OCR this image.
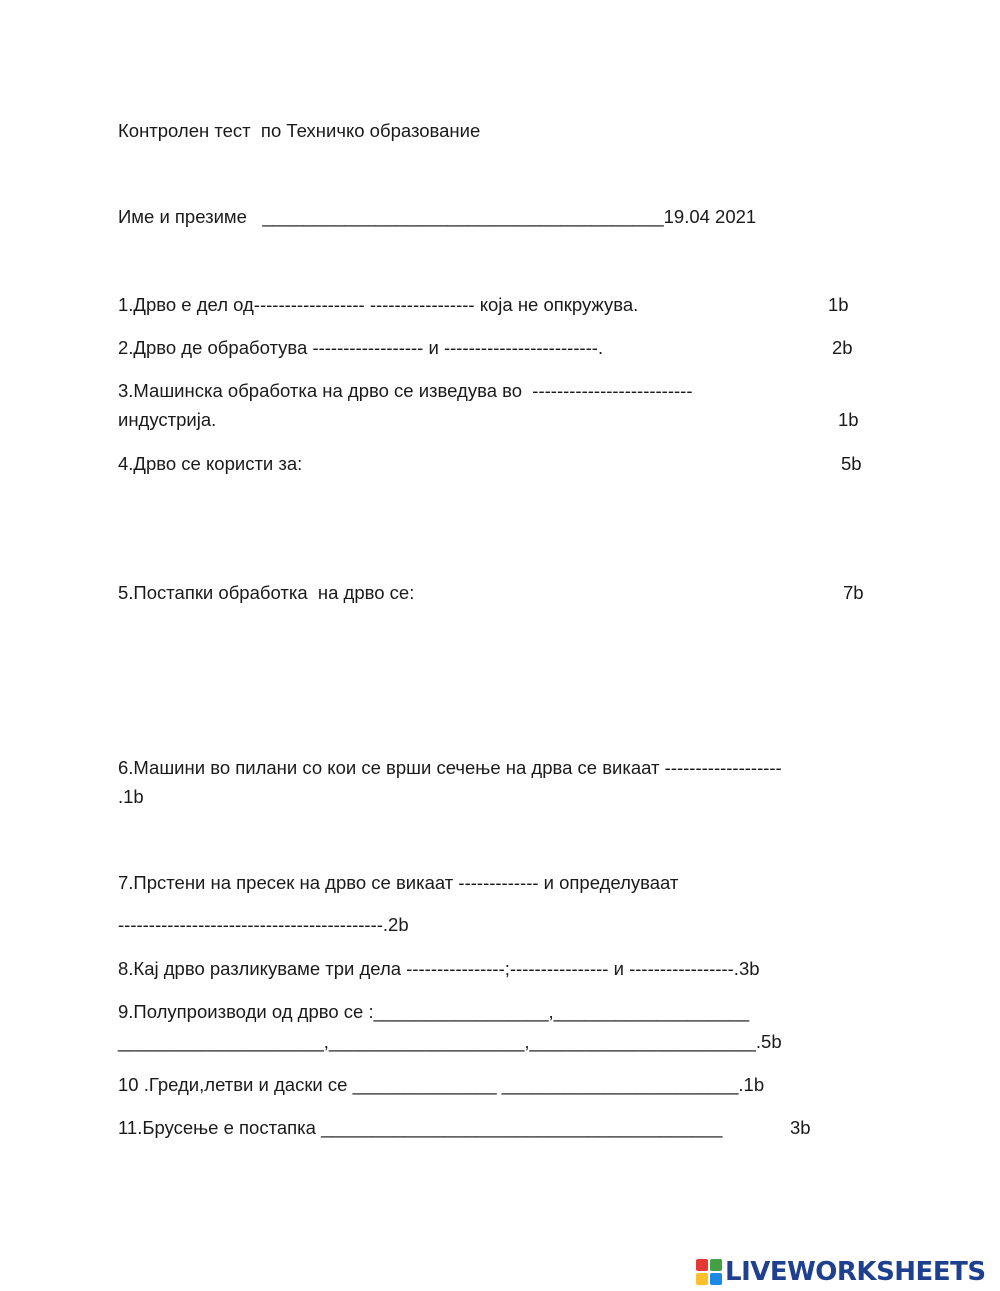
Контролен тест  по Техничко образование
Име и презиме   _______________________________________19.04 2021
1.Дрво е дел од------------------ ----------------- која не опкружува.	1b
2.Дрво де обработува ------------------ и -------------------------.	2b
3.Машинска обработка на дрво се изведува во  --------------------------
индустрија.	1b
4.Дрво се користи за:	5b
5.Постапки обработка  на дрво се:	7b
6.Машини во пилани со кои се врши сечење на дрва се викаат -------------------
.1b
7.Прстени на пресек на дрво се викаат ------------- и определуваат
-------------------------------------------.2b
8.Кај дрво разликуваме три дела ----------------;---------------- и -----------------.3b
9.Полупроизводи од дрво се :_________________,___________________
____________________,___________________,______________________.5b
10 .Греди,летви и даски се ______________ _______________________.1b
11.Брусење е постапка _______________________________________	3b
LIVEWORKSHEETS
